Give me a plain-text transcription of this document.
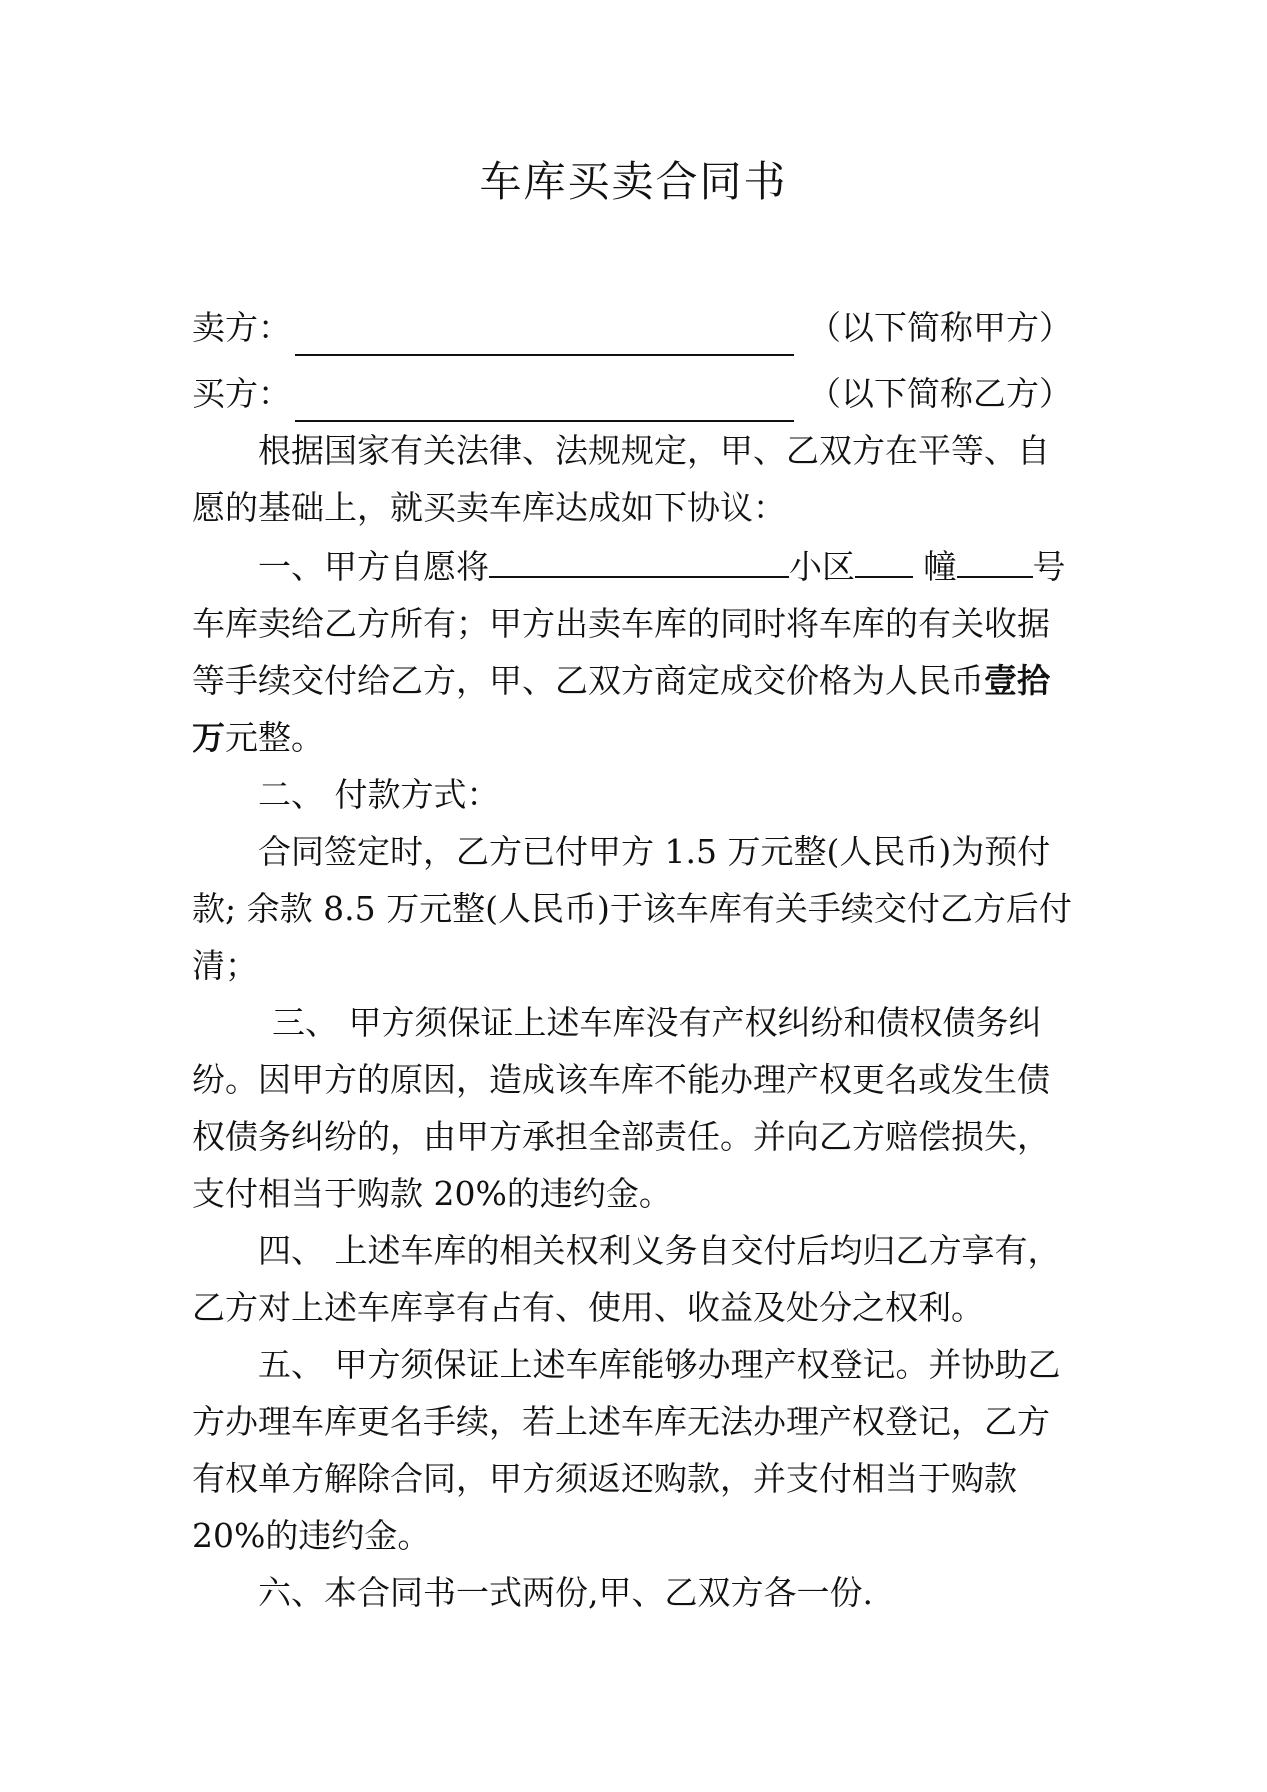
车库买卖合同书
卖方：	（以下简称甲方）
买方：	（以下简称乙方）

根据国家有关法律、法规规定，甲、乙双方在平等、自愿的基础上，就买卖车库达成如下协议：

一、甲方自愿将	小区 幢 号车库卖给乙方所有；甲方出卖车库的同时将车库的有关收据等手续交付给乙方，甲、乙双方商定成交价格为人民币壹拾万元整。

二、 付款方式：

合同签定时，乙方已付甲方 1.5 万元整(人民币)为预付款; 余款 8.5 万元整(人民币)于该车库有关手续交付乙方后付清；

三、 甲方须保证上述车库没有产权纠纷和债权债务纠纷。因甲方的原因，造成该车库不能办理产权更名或发生债权债务纠纷的，由甲方承担全部责任。并向乙方赔偿损失，支付相当于购款 20%的违约金。

四、 上述车库的相关权利义务自交付后均归乙方享有，乙方对上述车库享有占有、使用、收益及处分之权利。

五、 甲方须保证上述车库能够办理产权登记。并协助乙方办理车库更名手续，若上述车库无法办理产权登记，乙方有权单方解除合同，甲方须返还购款，并支付相当于购款 20%的违约金。

六、本合同书一式两份,甲、乙双方各一份.
